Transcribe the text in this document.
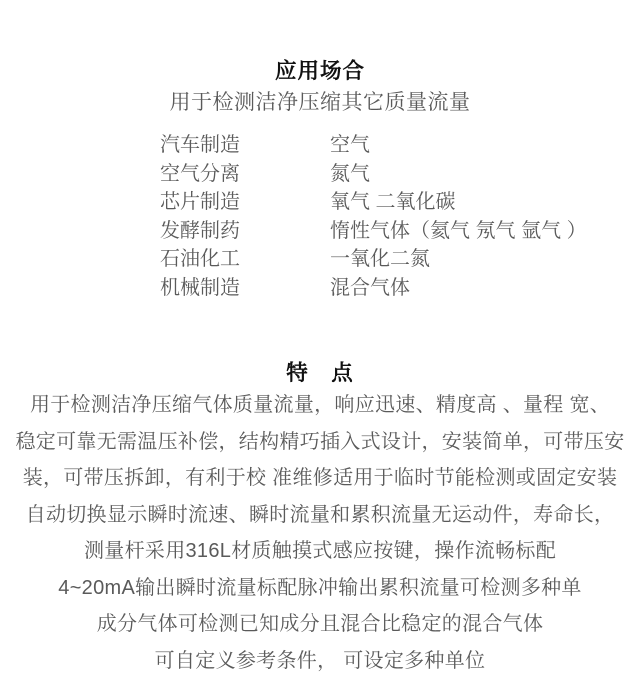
应用场合

用于检测洁净压缩其它质量流量

汽车制造	空气
空气分离	氮气
芯片制造	氧气 二氧化碳
发酵制药	惰性气体（氦气 氖气 氩气 ）
石油化工	一氧化二氮
机械制造	混合气体
特　点
用于检测洁净压缩气体质量流量，响应迅速、精度高 、量程 宽、
稳定可靠无需温压补偿，结构精巧插入式设计，安装简单，可带压安
装，可带压拆卸，有利于校 准维修适用于临时节能检测或固定安装
自动切换显示瞬时流速、瞬时流量和累积流量无运动件，寿命长，
测量杆采用316L材质触摸式感应按键，操作流畅标配
4~20mA输出瞬时流量标配脉冲输出累积流量可检测多种单
成分气体可检测已知成分且混合比稳定的混合气体
可自定义参考条件， 可设定多种单位
